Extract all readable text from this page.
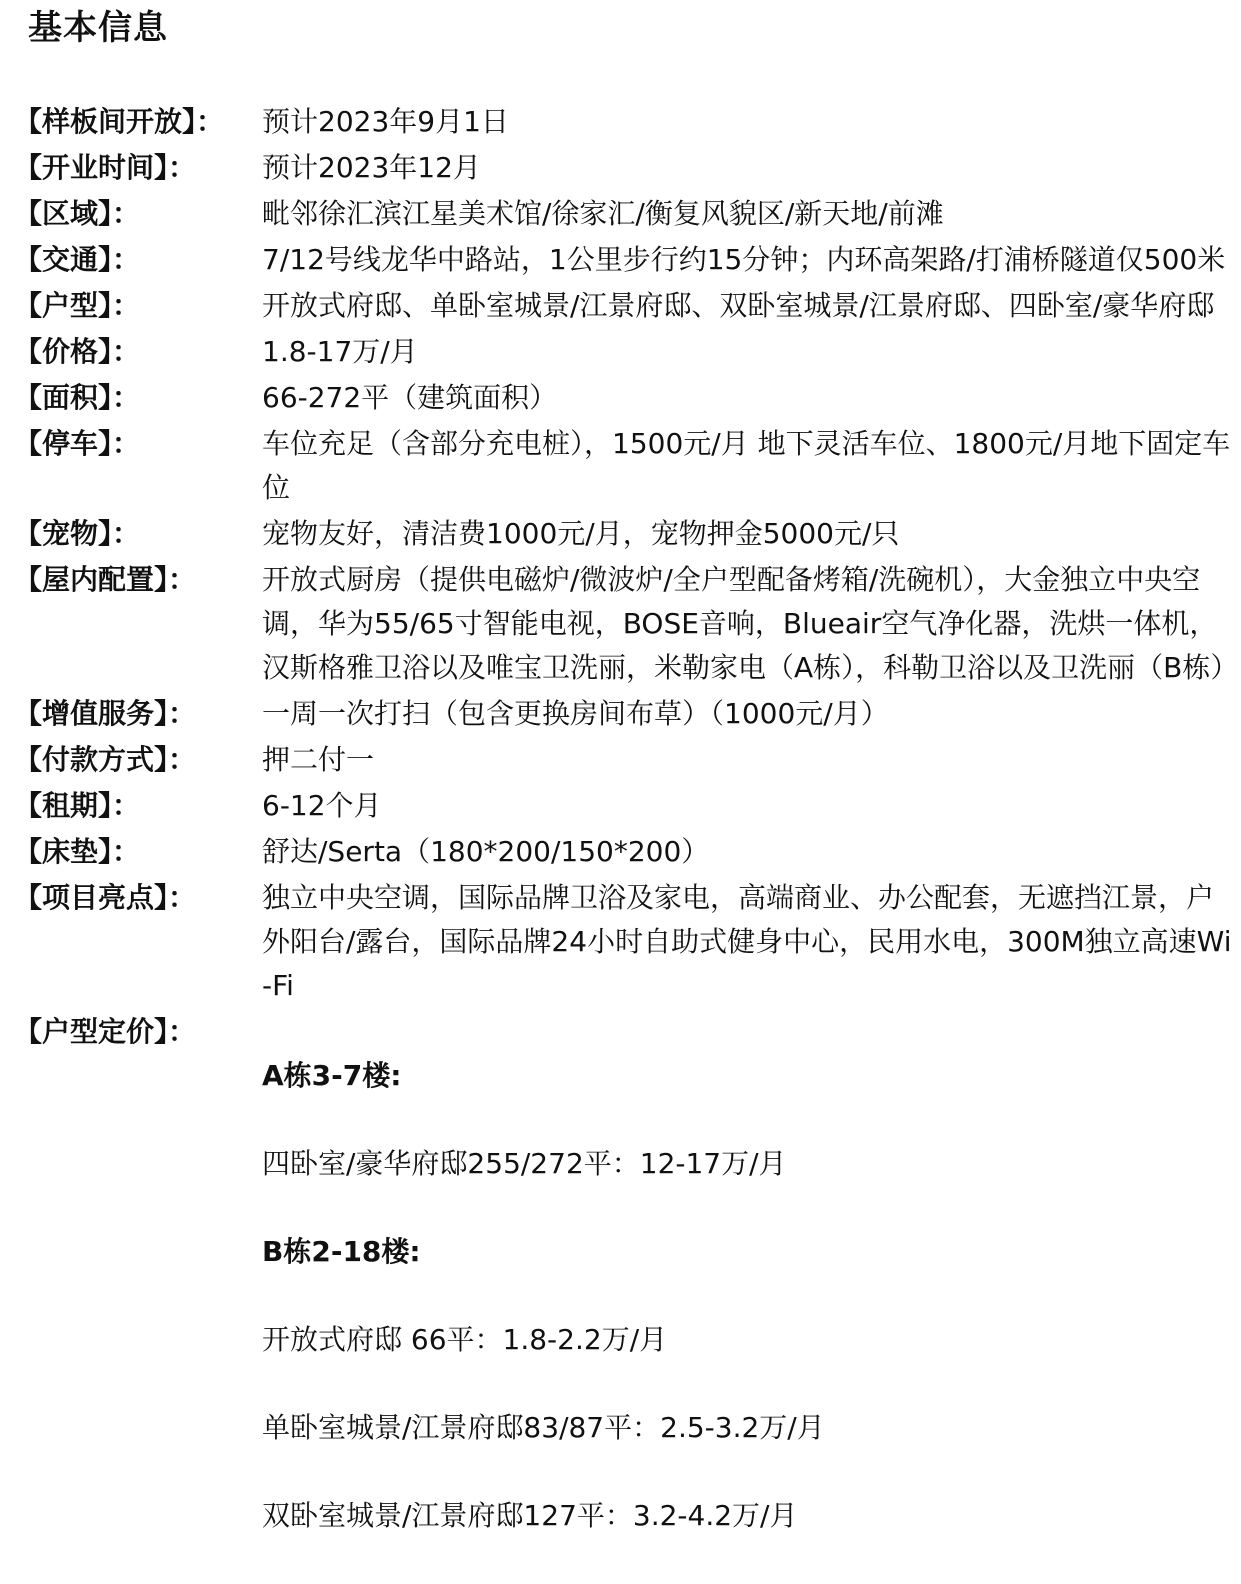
基本信息
【样板间开放】：	预计2023年9月1日
【开业时间】：	预计2023年12月
【区域】：	毗邻徐汇滨江星美术馆/徐家汇/衡复风貌区/新天地/前滩
【交通】：	7/12号线龙华中路站，1公里步行约15分钟；内环高架路/打浦桥隧道仅500米
【户型】：	开放式府邸、单卧室城景/江景府邸、双卧室城景/江景府邸、四卧室/豪华府邸
【价格】：	1.8-17万/月
【面积】：	66-272平（建筑面积）
【停车】：	车位充足（含部分充电桩），1500元/月 地下灵活车位、1800元/月地下固定车位
【宠物】：	宠物友好，清洁费1000元/月，宠物押金5000元/只
【屋内配置】：	开放式厨房（提供电磁炉/微波炉/全户型配备烤箱/洗碗机），大金独立中央空调，华为55/65寸智能电视，BOSE音响，Blueair空气净化器，洗烘一体机，汉斯格雅卫浴以及唯宝卫洗丽，米勒家电（A栋），科勒卫浴以及卫洗丽（B栋）
【增值服务】：	一周一次打扫（包含更换房间布草）（1000元/月）
【付款方式】：	押二付一
【租期】：	6-12个月
【床垫】：	舒达/Serta（180*200/150*200）
【项目亮点】：	独立中央空调，国际品牌卫浴及家电，高端商业、办公配套，无遮挡江景，户外阳台/露台，国际品牌24小时自助式健身中心，民用水电，300M独立高速Wi-Fi
【户型定价】：

A栋3-7楼:

四卧室/豪华府邸255/272平：12-17万/月

B栋2-18楼:

开放式府邸 66平：1.8-2.2万/月

单卧室城景/江景府邸83/87平：2.5-3.2万/月

双卧室城景/江景府邸127平：3.2-4.2万/月
